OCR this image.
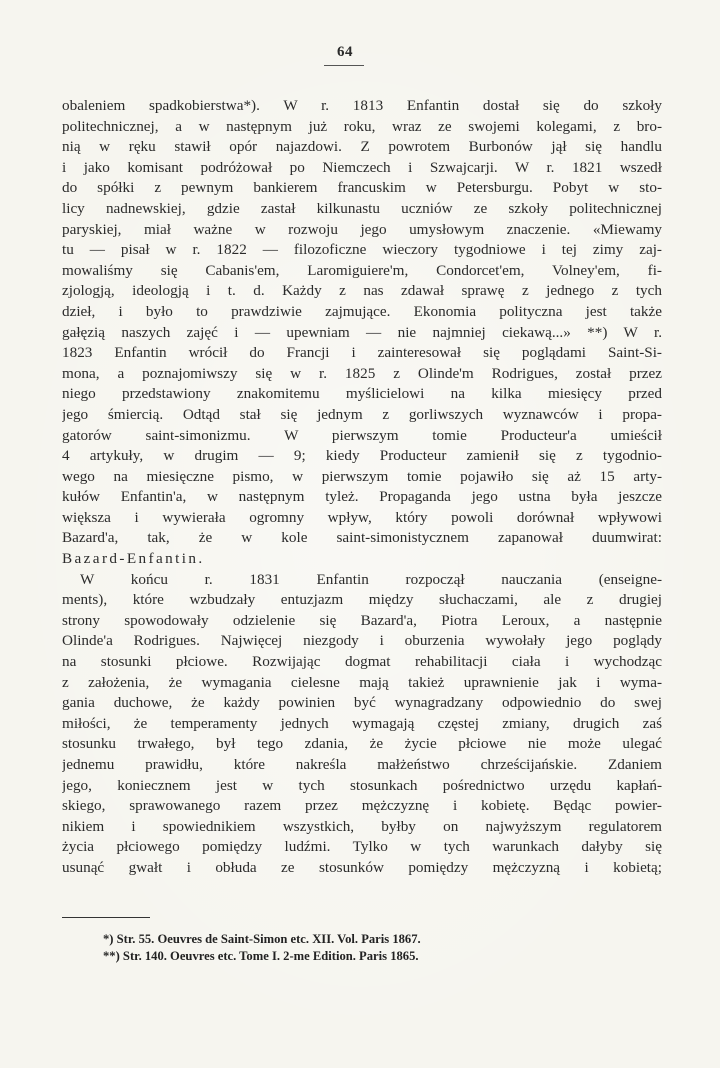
64
obaleniem spadkobierstwa*). W r. 1813 Enfantin dostał się do szkoły
politechnicznej, a w następnym już roku, wraz ze swojemi kolegami, z bro-
nią w ręku stawił opór najazdowi. Z powrotem Burbonów jął się handlu
i jako komisant podróżował po Niemczech i Szwajcarji. W r. 1821 wszedł
do spółki z pewnym bankierem francuskim w Petersburgu. Pobyt w sto-
licy nadnewskiej, gdzie zastał kilkunastu uczniów ze szkoły politechnicznej
paryskiej, miał ważne w rozwoju jego umysłowym znaczenie. «Miewamy
tu — pisał w r. 1822 — filozoficzne wieczory tygodniowe i tej zimy zaj-
mowaliśmy się Cabanis'em, Laromiguiere'm, Condorcet'em, Volney'em, fi-
zjologją, ideologją i t. d. Każdy z nas zdawał sprawę z jednego z tych
dzieł, i było to prawdziwie zajmujące. Ekonomia polityczna jest także
gałęzią naszych zajęć i — upewniam — nie najmniej ciekawą...» **) W r.
1823 Enfantin wrócił do Francji i zainteresował się poglądami Saint-Si-
mona, a poznajomiwszy się w r. 1825 z Olinde'm Rodrigues, został przez
niego przedstawiony znakomitemu myślicielowi na kilka miesięcy przed
jego śmiercią. Odtąd stał się jednym z gorliwszych wyznawców i propa-
gatorów saint-simonizmu. W pierwszym tomie Producteur'a umieścił
4 artykuły, w drugim — 9; kiedy Producteur zamienił się z tygodnio-
wego na miesięczne pismo, w pierwszym tomie pojawiło się aż 15 arty-
kułów Enfantin'a, w następnym tyleż. Propaganda jego ustna była jeszcze
większa i wywierała ogromny wpływ, który powoli dorównał wpływowi
Bazard'a, tak, że w kole saint-simonistycznem zapanował duumwirat:
Bazard-Enfantin.
W końcu r. 1831 Enfantin rozpoczął nauczania (enseigne-
ments), które wzbudzały entuzjazm między słuchaczami, ale z drugiej
strony spowodowały odzielenie się Bazard'a, Piotra Leroux, a następnie
Olinde'a Rodrigues. Najwięcej niezgody i oburzenia wywołały jego poglądy
na stosunki płciowe. Rozwijając dogmat rehabilitacji ciała i wychodząc
z założenia, że wymagania cielesne mają takież uprawnienie jak i wyma-
gania duchowe, że każdy powinien być wynagradzany odpowiednio do swej
miłości, że temperamenty jednych wymagają częstej zmiany, drugich zaś
stosunku trwałego, był tego zdania, że życie płciowe nie może ulegać
jednemu prawidłu, które nakreśla małżeństwo chrześcijańskie. Zdaniem
jego, koniecznem jest w tych stosunkach pośrednictwo urzędu kapłań-
skiego, sprawowanego razem przez mężczyznę i kobietę. Będąc powier-
nikiem i spowiednikiem wszystkich, byłby on najwyższym regulatorem
życia płciowego pomiędzy ludźmi. Tylko w tych warunkach dałyby się
usunąć gwałt i obłuda ze stosunków pomiędzy mężczyzną i kobietą;
*) Str. 55. Oeuvres de Saint-Simon etc. XII. Vol. Paris 1867.
**) Str. 140. Oeuvres etc. Tome I. 2-me Edition. Paris 1865.
